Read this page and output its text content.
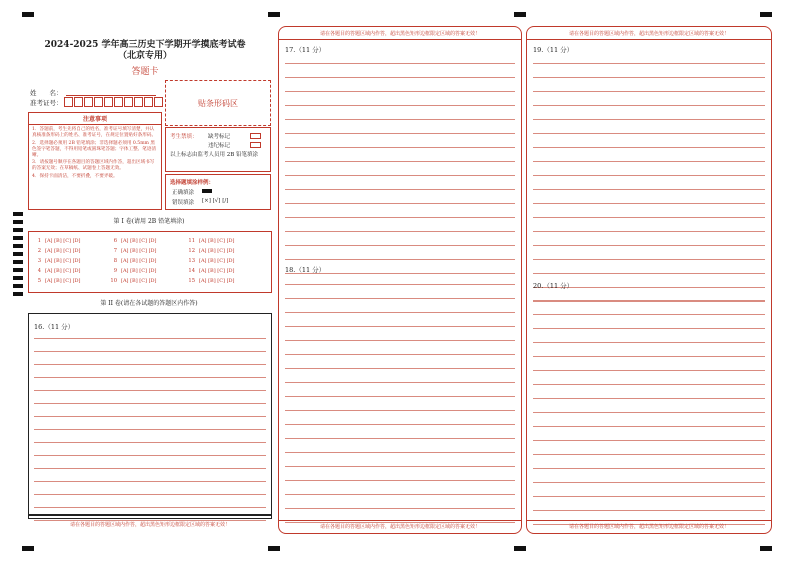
2024-2025 学年高三历史下学期开学摸底考试卷
（北京专用）
答题卡
姓　　名：
准考证号：	贴条形码区
注意事项
1．答题前，考生先将自己的姓名，准考证号填写清楚，并认真核准条形码上的姓名、准考证号，在规定位置贴好条形码。
2．选择题必须用 2B 铅笔填涂；非选择题必须用 0.5mm 黑色签字笔答题，不得用铅笔或圆珠笔答题；字体工整、笔迹清晰。
3．请按题号顺序在各题目的答题区域内作答，超出区域书写的答案无效；在草稿纸、试题卷上答题无效。
4．保持卡面清洁，不要折叠，不要弄破。
考生禁填： 缺考标记
违纪标记
以上标志由监考人员用 2B 铅笔填涂
选择题填涂样例：
正确填涂
错误填涂 [×] [√] [/]
第 I 卷(请用 2B 铅笔填涂)
1 [A] [B] [C] [D]
2 [A] [B] [C] [D]
3 [A] [B] [C] [D]
4 [A] [B] [C] [D]
5 [A] [B] [C] [D]
6 [A] [B] [C] [D]
7 [A] [B] [C] [D]
8 [A] [B] [C] [D]
9 [A] [B] [C] [D]
10 [A] [B] [C] [D]
11 [A] [B] [C] [D]
12 [A] [B] [C] [D]
13 [A] [B] [C] [D]
14 [A] [B] [C] [D]
15 [A] [B] [C] [D]
第 II 卷(请在各试题的答题区内作答)
16.（11 分）
请在各题目的答题区域内作答，超出黑色矩形边框限定区域的答案无效！
请在各题目的答题区域内作答，超出黑色矩形边框限定区域的答案无效！
17.（11 分）
18.（11 分）
请在各题目的答题区域内作答，超出黑色矩形边框限定区域的答案无效！
请在各题目的答题区域内作答，超出黑色矩形边框限定区域的答案无效！
19.（11 分）
20.（11 分）
请在各题目的答题区域内作答，超出黑色矩形边框限定区域的答案无效！
